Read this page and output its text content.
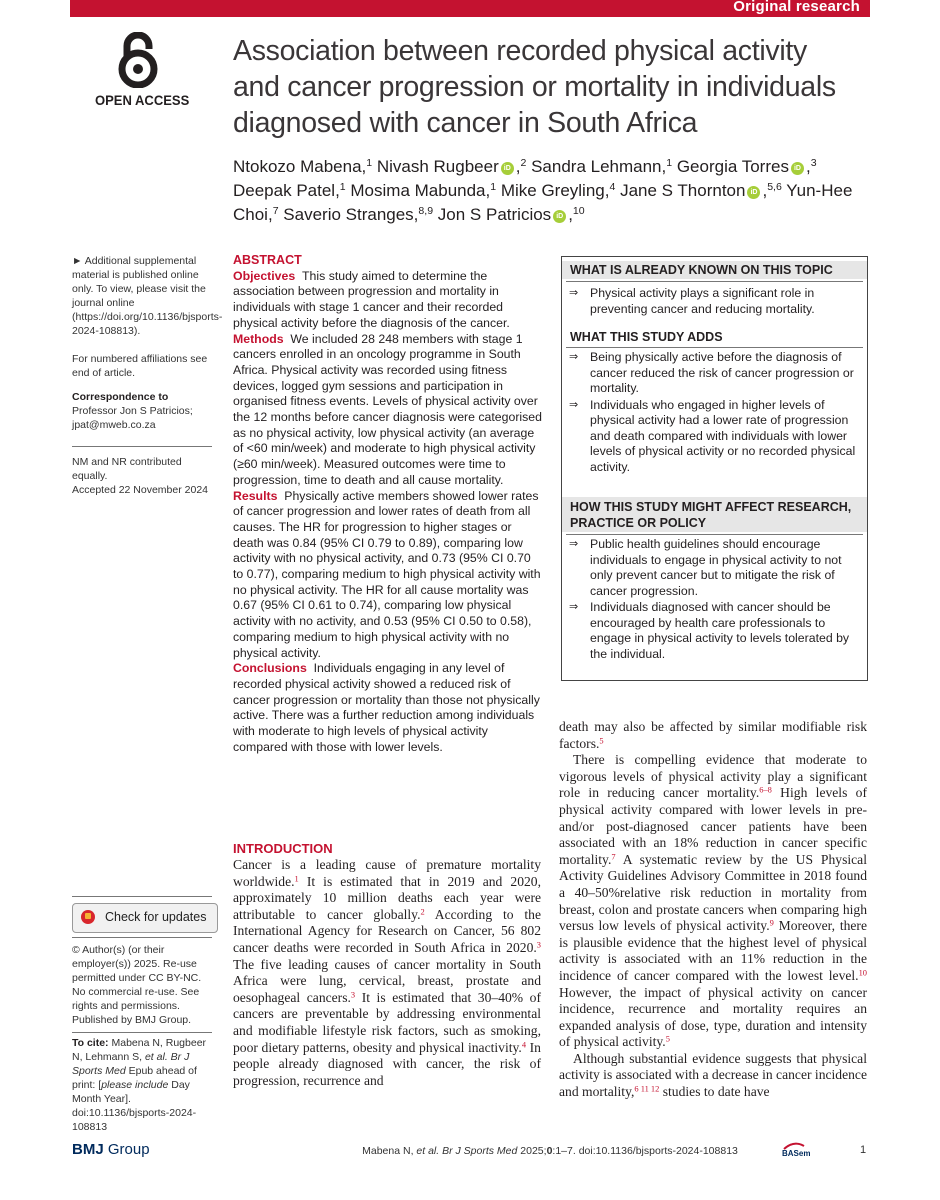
Original research
OPEN ACCESS
Association between recorded physical activity and cancer progression or mortality in individuals diagnosed with cancer in South Africa
Ntokozo Mabena,$^1$ Nivash Rugbeer iD ,$^2$ Sandra Lehmann,$^1$ Georgia Torres iD ,$^3$ Deepak Patel,$^1$ Mosima Mabunda,$^1$ Mike Greyling,$^4$ Jane S Thornton iD ,$^{5,6}$ Yun-Hee Choi,$^7$ Saverio Stranges,$^{8,9}$ Jon S Patricios iD ,$^{10}$

► Additional supplemental material is published online only. To view, please visit the journal online (https://doi.org/10.1136/bjsports-2024-108813).

For numbered affiliations see end of article.

Correspondence to

Professor Jon S Patricios; jpat@mweb.co.za

NM and NR contributed equally.

Accepted 22 November 2024

Check for updates

© Author(s) (or their employer(s)) 2025. Re-use permitted under CC BY-NC. No commercial re-use. See rights and permissions. Published by BMJ Group.

To cite: Mabena N, Rugbeer N, Lehmann S, et al. Br J Sports Med Epub ahead of print: [please include Day Month Year]. doi:10.1136/bjsports-2024-108813

ABSTRACT

Objectives This study aimed to determine the association between progression and mortality in individuals with stage 1 cancer and their recorded physical activity before the diagnosis of the cancer.

Methods We included 28 248 members with stage 1 cancers enrolled in an oncology programme in South Africa. Physical activity was recorded using fitness devices, logged gym sessions and participation in organised fitness events. Levels of physical activity over the 12 months before cancer diagnosis were categorised as no physical activity, low physical activity (an average of <60 min/week) and moderate to high physical activity (≥60 min/week). Measured outcomes were time to progression, time to death and all cause mortality.

Results Physically active members showed lower rates of cancer progression and lower rates of death from all causes. The HR for progression to higher stages or death was 0.84 (95% CI 0.79 to 0.89), comparing low activity with no physical activity, and 0.73 (95% CI 0.70 to 0.77), comparing medium to high physical activity with no physical activity. The HR for all cause mortality was 0.67 (95% CI 0.61 to 0.74), comparing low physical activity with no activity, and 0.53 (95% CI 0.50 to 0.58), comparing medium to high physical activity with no physical activity.

Conclusions Individuals engaging in any level of recorded physical activity showed a reduced risk of cancer progression or mortality than those not physically active. There was a further reduction among individuals with moderate to high levels of physical activity compared with those with lower levels.

WHAT IS ALREADY KNOWN ON THIS TOPIC
⇒ Physical activity plays a significant role in preventing cancer and reducing mortality.
WHAT THIS STUDY ADDS
⇒ Being physically active before the diagnosis of cancer reduced the risk of cancer progression or mortality.
⇒ Individuals who engaged in higher levels of physical activity had a lower rate of progression and death compared with individuals with lower levels of physical activity or no recorded physical activity.
HOW THIS STUDY MIGHT AFFECT RESEARCH,
PRACTICE OR POLICY
⇒ Public health guidelines should encourage individuals to engage in physical activity to not only prevent cancer but to mitigate the risk of cancer progression.
⇒ Individuals diagnosed with cancer should be encouraged by health care professionals to engage in physical activity to levels tolerated by the individual.
INTRODUCTION

Cancer is a leading cause of premature mortality worldwide.$^1$ It is estimated that in 2019 and 2020, approximately 10 million deaths each year were attributable to cancer globally.$^2$ According to the International Agency for Research on Cancer, 56 802 cancer deaths were recorded in South Africa in 2020.$^3$ The five leading causes of cancer mortality in South Africa were lung, cervical, breast, prostate and oesophageal cancers.$^3$ It is estimated that 30–40% of cancers are preventable by addressing environmental and modifiable lifestyle risk factors, such as smoking, poor dietary patterns, obesity and physical inactivity.$^4$ In people already diagnosed with cancer, the risk of progression, recurrence and

death may also be affected by similar modifiable risk factors.$^5$

There is compelling evidence that moderate to vigorous levels of physical activity play a significant role in reducing cancer mortality.$^{6-8}$ High levels of physical activity compared with lower levels in pre-and/or post-diagnosed cancer patients have been associated with an 18% reduction in cancer specific mortality.$^7$ A systematic review by the US Physical Activity Guidelines Advisory Committee in 2018 found a 40–50%relative risk reduction in mortality from breast, colon and prostate cancers when comparing high versus low levels of physical activity.$^9$ Moreover, there is plausible evidence that the highest level of physical activity is associated with an 11% reduction in the incidence of cancer compared with the lowest level.$^{10}$ However, the impact of physical activity on cancer incidence, recurrence and mortality requires an expanded analysis of dose, type, duration and intensity of physical activity.$^5$

Although substantial evidence suggests that physical activity is associated with a decrease in cancer incidence and mortality,$^{6 11 12}$ studies to date have

BMJ Group	Mabena N, et al. Br J Sports Med 2025;0:1–7. doi:10.1136/bjsports-2024-108813	BASem	1
